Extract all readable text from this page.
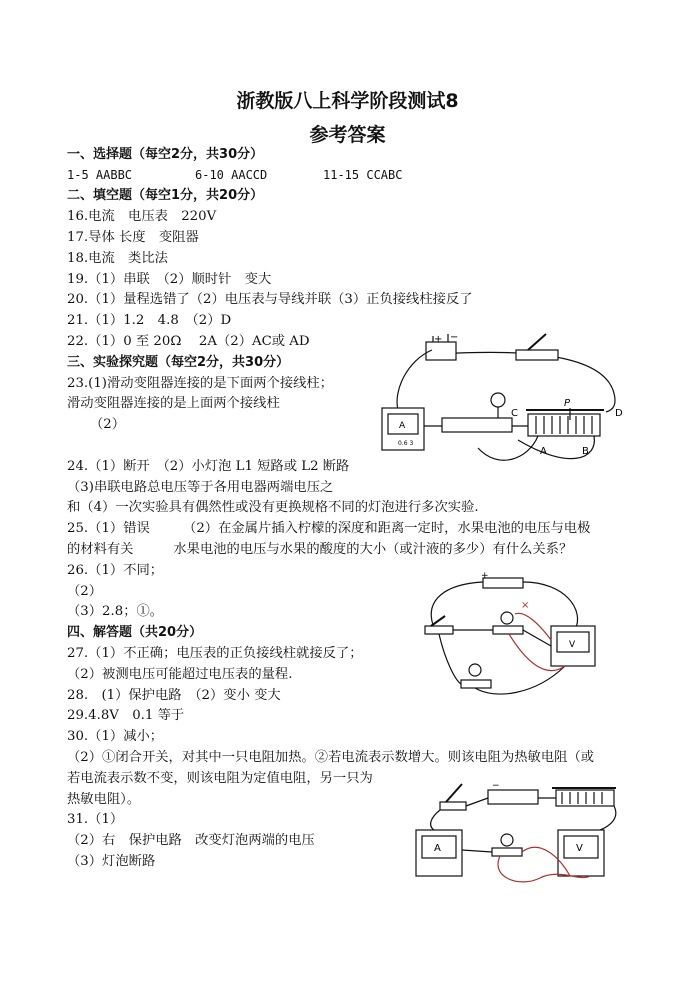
浙教版八上科学阶段测试8
参考答案
一、选择题（每空2分，共30分）
1-5 AABBC	6-10 AACCD	11-15 CCABC
二、填空题（每空1分，共20分）
16.电流　电压表　220V
17.导体 长度　变阻器
18.电流　类比法
19.（1）串联　（2）顺时针　变大
20.（1）量程选错了（2）电压表与导线并联（3）正负接线柱接反了
21.（1）1.2　4.8　（2）D
22.（1）0 至 20Ω　 2A（2）AC或 AD
三、实验探究题（每空2分，共30分）
23.(1)滑动变阻器连接的是下面两个接线柱；
滑动变阻器连接的是上面两个接线柱
（2）
24.（1）断开　（2）小灯泡 L1 短路或 L2 断路
（3)串联电路总电压等于各用电器两端电压之
和（4）一次实验具有偶然性或没有更换规格不同的灯泡进行多次实验.
25.（1）错误　　　（2）在金属片插入柠檬的深度和距离一定时，水果电池的电压与电极
的材料有关　　　水果电池的电压与水果的酸度的大小（或汁液的多少）有什么关系？
26.（1）不同；
（2）
（3）2.8；①。
四、解答题（共20分）
27.（1）不正确；电压表的正负接线柱就接反了；
（2）被测电压可能超过电压表的量程.
28.　(1）保护电路　（2）变小 变大
29.4.8V　0.1 等于
30.（1）减小；
（2）①闭合开关，对其中一只电阻加热。②若电流表示数增大。则该电阻为热敏电阻（或
若电流表示数不变，则该电阻为定值电阻，另一只为
热敏电阻）。
31.（1）
（2）右　保护电路　改变灯泡两端的电压
（3）灯泡断路
+ −
A
0.6 3
C	D
A	B
P
×
V
+
A	V
−
